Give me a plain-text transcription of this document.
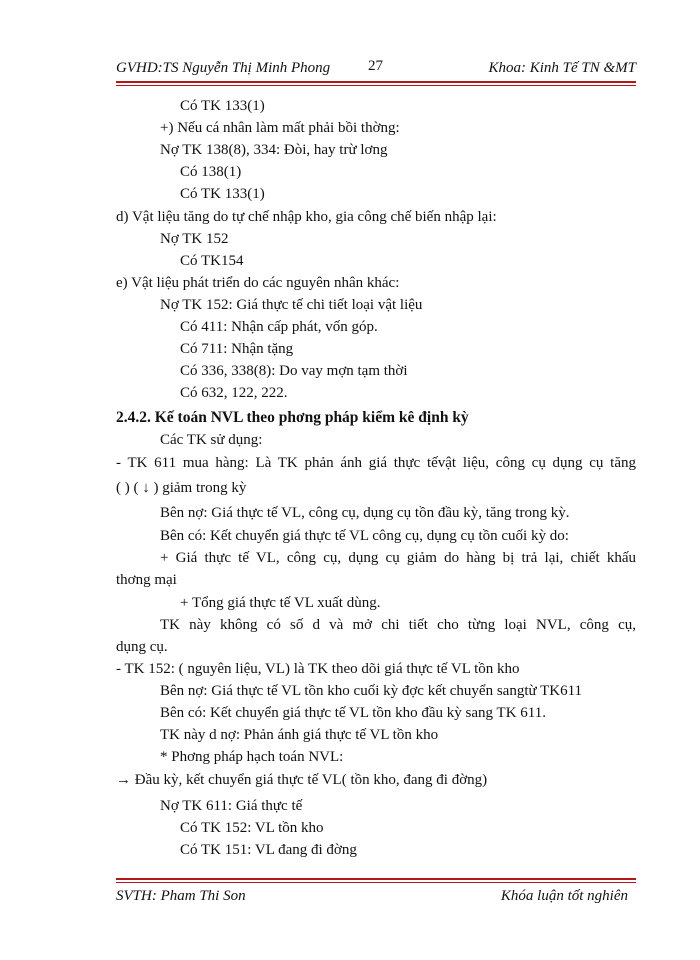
GVHD:TS Nguyễn Thị Minh Phong	27	Khoa: Kinh Tế TN &MT
Có TK 133(1)
+) Nếu cá nhân làm mất phải bồi thờng:
Nợ TK 138(8), 334: Đòi, hay trừ lơng
Có 138(1)
Có TK 133(1)
d) Vật liệu tăng do tự chế nhập kho, gia công chế biến nhập lại:
Nợ TK 152
Có TK154
e) Vật liệu phát triển do các nguyên nhân khác:
Nợ TK 152: Giá thực tế chi tiết loại vật liệu
Có 411: Nhận cấp phát, vốn góp.
Có 711: Nhận tặng
Có 336, 338(8): Do vay mợn tạm thời
Có 632, 122, 222.
2.4.2. Kế toán NVL theo phơng pháp kiểm kê định kỳ
Các TK sử dụng:
- TK 611 mua hàng: Là TK phản ánh giá thực tếvật liệu, công cụ dụng cụ tăng
( ) ( ↓ ) giảm trong kỳ
Bên nợ: Giá thực tế VL, công cụ, dụng cụ tồn đầu kỳ, tăng trong kỳ.
Bên có: Kết chuyển giá thực tế VL công cụ, dụng cụ tồn cuối kỳ do:
+ Giá thực tế VL, công cụ, dụng cụ giảm do hàng bị trả lại, chiết khấu
thơng mại
+ Tổng giá thực tế VL xuất dùng.
TK này không có số d và mở chi tiết cho từng loại NVL, công cụ,
dụng cụ.
- TK 152: ( nguyên liệu, VL) là TK theo dõi giá thực tế VL tồn kho
Bên nợ: Giá thực tế VL tồn kho cuối kỳ đợc kết chuyển sangtừ TK611
Bên có: Kết chuyển giá thực tế VL tồn kho đầu kỳ sang TK 611.
TK này d nợ: Phản ánh giá thực tế VL tồn kho
* Phơng pháp hạch toán NVL:
→ Đầu kỳ, kết chuyển giá thực tế VL( tồn kho, đang đi đờng)
Nợ TK 611: Giá thực tế
Có TK 152: VL tồn kho
Có TK 151: VL đang đi đờng
SVTH: Pham Thi Son	Khóa luận tốt nghiên
